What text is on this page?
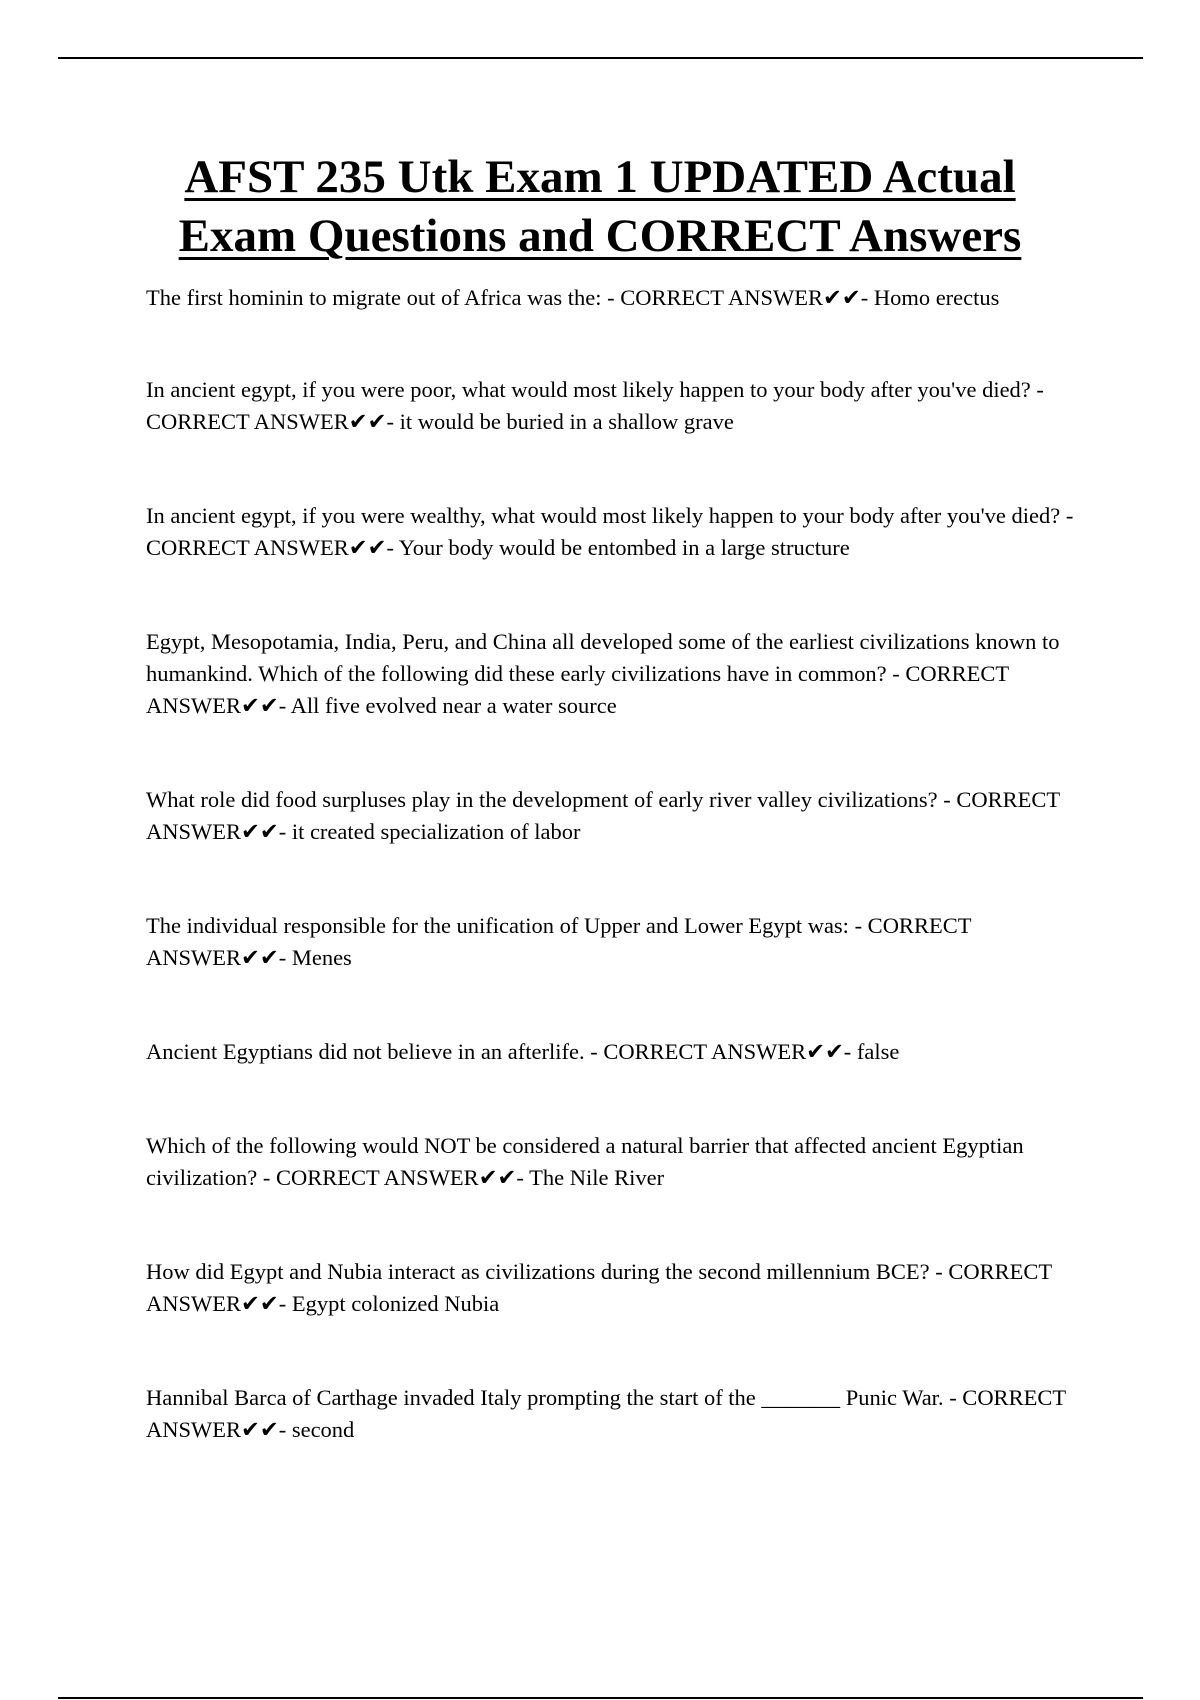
AFST 235 Utk Exam 1 UPDATED Actual
Exam Questions and CORRECT Answers
The first hominin to migrate out of Africa was the: - CORRECT ANSWER✔✔- Homo erectus
In ancient egypt, if you were poor, what would most likely happen to your body after you've died? - CORRECT ANSWER✔✔- it would be buried in a shallow grave
In ancient egypt, if you were wealthy, what would most likely happen to your body after you've died? - CORRECT ANSWER✔✔- Your body would be entombed in a large structure
Egypt, Mesopotamia, India, Peru, and China all developed some of the earliest civilizations known to humankind. Which of the following did these early civilizations have in common? - CORRECT ANSWER✔✔- All five evolved near a water source
What role did food surpluses play in the development of early river valley civilizations? - CORRECT ANSWER✔✔- it created specialization of labor
The individual responsible for the unification of Upper and Lower Egypt was: - CORRECT ANSWER✔✔- Menes
Ancient Egyptians did not believe in an afterlife. - CORRECT ANSWER✔✔- false
Which of the following would NOT be considered a natural barrier that affected ancient Egyptian civilization? - CORRECT ANSWER✔✔- The Nile River
How did Egypt and Nubia interact as civilizations during the second millennium BCE? - CORRECT ANSWER✔✔- Egypt colonized Nubia
Hannibal Barca of Carthage invaded Italy prompting the start of the _______ Punic War. - CORRECT ANSWER✔✔- second
